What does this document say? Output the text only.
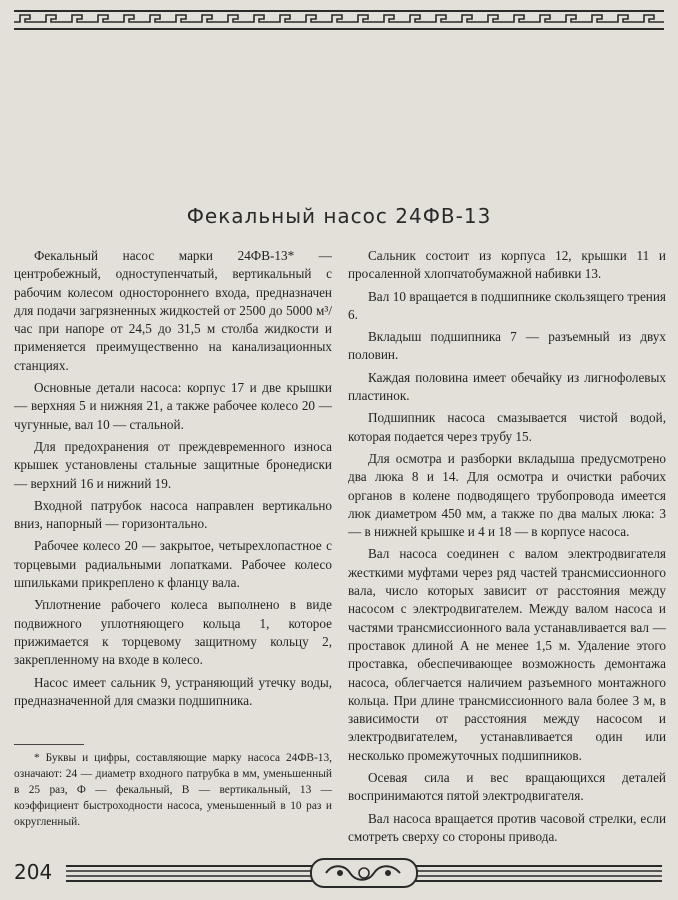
Фекальный насос 24ФВ-13

Фекальный насос марки 24ФВ-13* — центробежный, одноступенчатый, вертикальный с рабочим колесом одностороннего входа, предназначен для подачи загрязненных жидкостей от 2500 до 5000 м³/час при напоре от 24,5 до 31,5 м столба жидкости и применяется преимущественно на канализационных станциях.

Основные детали насоса: корпус 17 и две крышки — верхняя 5 и нижняя 21, а также рабочее колесо 20 — чугунные, вал 10 — стальной.

Для предохранения от преждевременного износа крышек установлены стальные защитные бронедиски — верхний 16 и нижний 19.

Входной патрубок насоса направлен вертикально вниз, напорный — горизонтально.

Рабочее колесо 20 — закрытое, четырехлопастное с торцевыми радиальными лопатками. Рабочее колесо шпильками прикреплено к фланцу вала.

Уплотнение рабочего колеса выполнено в виде подвижного уплотняющего кольца 1, которое прижимается к торцевому защитному кольцу 2, закрепленному на входе в колесо.

Насос имеет сальник 9, устраняющий утечку воды, предназначенной для смазки подшипника.

* Буквы и цифры, составляющие марку насоса 24ФВ-13, означают: 24 — диаметр входного патрубка в мм, уменьшенный в 25 раз, Ф — фекальный, В — вертикальный, 13 — коэффициент быстроходности насоса, уменьшенный в 10 раз и округленный.

Сальник состоит из корпуса 12, крышки 11 и просаленной хлопчатобумажной набивки 13.

Вал 10 вращается в подшипнике скользящего трения 6.

Вкладыш подшипника 7 — разъемный из двух половин.

Каждая половина имеет обечайку из лигнофолевых пластинок.

Подшипник насоса смазывается чистой водой, которая подается через трубу 15.

Для осмотра и разборки вкладыша предусмотрено два люка 8 и 14. Для осмотра и очистки рабочих органов в колене подводящего трубопровода имеется люк диаметром 450 мм, а также по два малых люка: 3 — в нижней крышке и 4 и 18 — в корпусе насоса.

Вал насоса соединен с валом электродвигателя жесткими муфтами через ряд частей трансмиссионного вала, число которых зависит от расстояния между насосом с электродвигателем. Между валом насоса и частями трансмиссионного вала устанавливается вал — проставок длиной А не менее 1,5 м. Удаление этого проставка, обеспечивающее возможность демонтажа насоса, облегчается наличием разъемного монтажного кольца. При длине трансмиссионного вала более 3 м, в зависимости от расстояния между насосом и электродвигателем, устанавливается один или несколько промежуточных подшипников.

Осевая сила и вес вращающихся деталей воспринимаются пятой электродвигателя.

Вал насоса вращается против часовой стрелки, если смотреть сверху со стороны привода.

204
